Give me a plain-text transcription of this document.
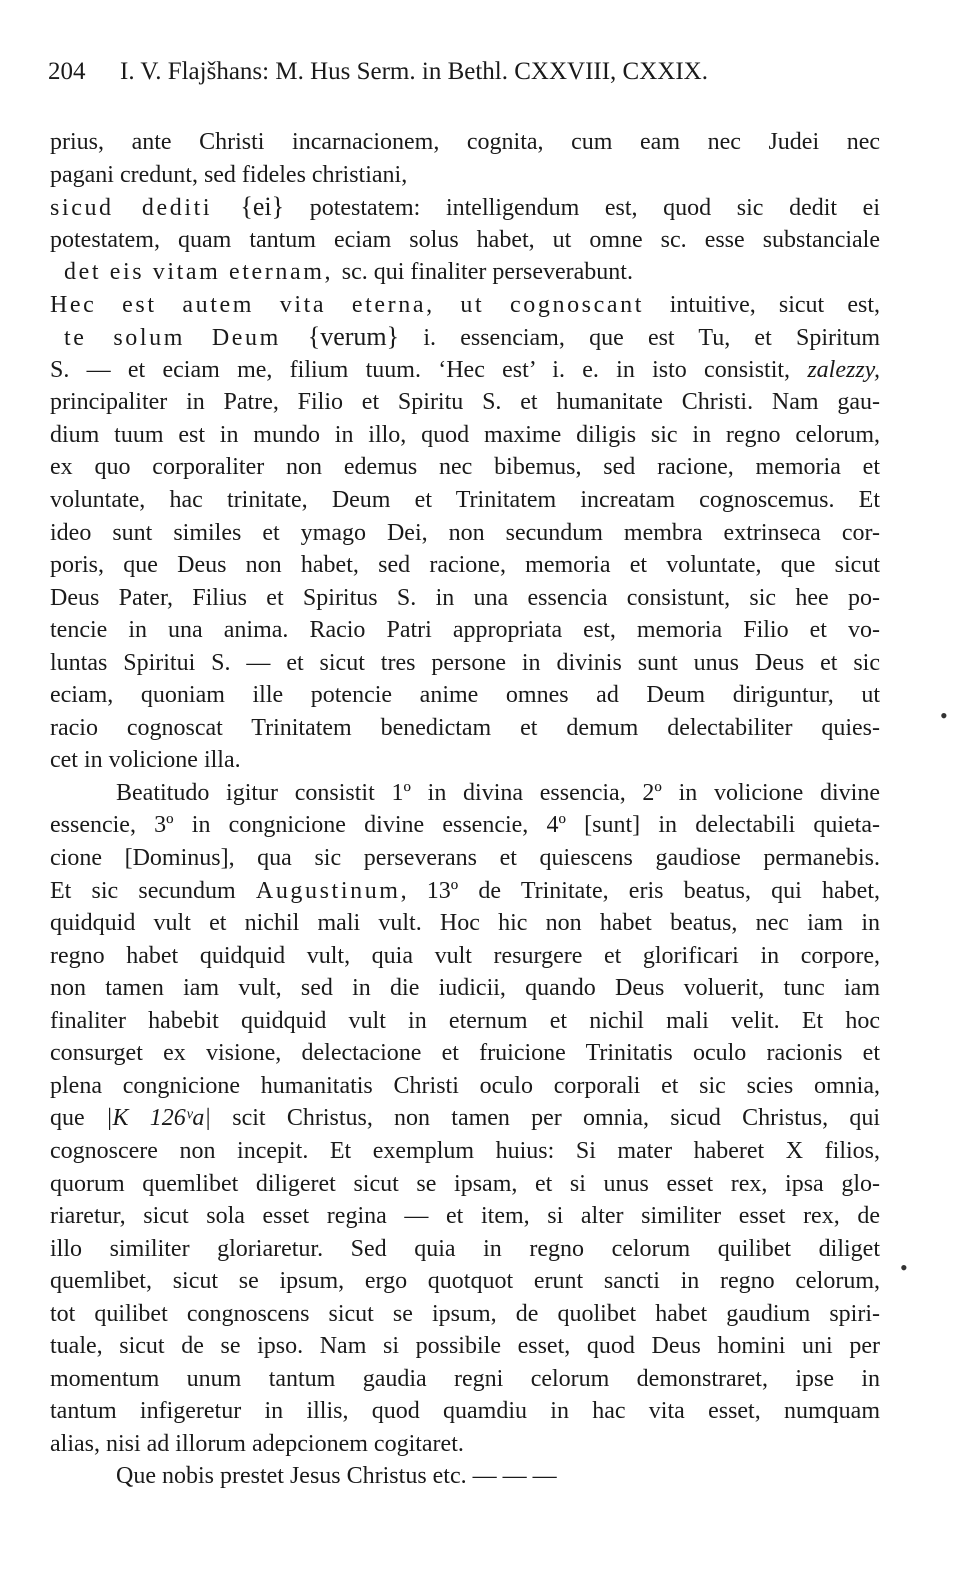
204 I. V. Flajšhans: M. Hus Serm. in Bethl. CXXVIII, CXXIX.
prius, ante Christi incarnacionem, cognita, cum eam nec Judei nec
pagani credunt, sed fideles christiani,
sicud dediti {ei} potestatem: intelligendum est, quod sic dedit ei
potestatem, quam tantum eciam solus habet, ut omne sc. esse substanciale
det eis vitam eternam, sc. qui finaliter perseverabunt.
Hec est autem vita eterna, ut cognoscant intuitive, sicut est,
te solum Deum {verum} i. essenciam, que est Tu, et Spiritum
S. — et eciam me, filium tuum. ‘Hec est’ i. e. in isto consistit, zalezzy,
principaliter in Patre, Filio et Spiritu S. et humanitate Christi. Nam gau-
dium tuum est in mundo in illo, quod maxime diligis sic in regno celorum,
ex quo corporaliter non edemus nec bibemus, sed racione, memoria et
voluntate, hac trinitate, Deum et Trinitatem increatam cognoscemus. Et
ideo sunt similes et ymago Dei, non secundum membra extrinseca cor-
poris, que Deus non habet, sed racione, memoria et voluntate, que sicut
Deus Pater, Filius et Spiritus S. in una essencia consistunt, sic hee po-
tencie in una anima. Racio Patri appropriata est, memoria Filio et vo-
luntas Spiritui S. — et sicut tres persone in divinis sunt unus Deus et sic
eciam, quoniam ille potencie anime omnes ad Deum diriguntur, ut
racio cognoscat Trinitatem benedictam et demum delectabiliter quies-
cet in volicione illa.
Beatitudo igitur consistit 1º in divina essencia, 2º in volicione divine
essencie, 3º in congnicione divine essencie, 4º [sunt] in delectabili quieta-
cione [Dominus], qua sic perseverans et quiescens gaudiose permanebis.
Et sic secundum Augustinum, 13º de Trinitate, eris beatus, qui habet,
quidquid vult et nichil mali vult. Hoc hic non habet beatus, nec iam in
regno habet quidquid vult, quia vult resurgere et glorificari in corpore,
non tamen iam vult, sed in die iudicii, quando Deus voluerit, tunc iam
finaliter habebit quidquid vult in eternum et nichil mali velit. Et hoc
consurget ex visione, delectacione et fruicione Trinitatis oculo racionis et
plena congnicione humanitatis Christi oculo corporali et sic scies omnia,
que |K 126ᵛa| scit Christus, non tamen per omnia, sicud Christus, qui
cognoscere non incepit. Et exemplum huius: Si mater haberet X filios,
quorum quemlibet diligeret sicut se ipsam, et si unus esset rex, ipsa glo-
riaretur, sicut sola esset regina — et item, si alter similiter esset rex, de
illo similiter gloriaretur. Sed quia in regno celorum quilibet diliget
quemlibet, sicut se ipsum, ergo quotquot erunt sancti in regno celorum,
tot quilibet congnoscens sicut se ipsum, de quolibet habet gaudium spiri-
tuale, sicut de se ipso. Nam si possibile esset, quod Deus homini uni per
momentum unum tantum gaudia regni celorum demonstraret, ipse in
tantum infigeretur in illis, quod quamdiu in hac vita esset, numquam
alias, nisi ad illorum adepcionem cogitaret.
Que nobis prestet Jesus Christus etc. — — —
•
•
